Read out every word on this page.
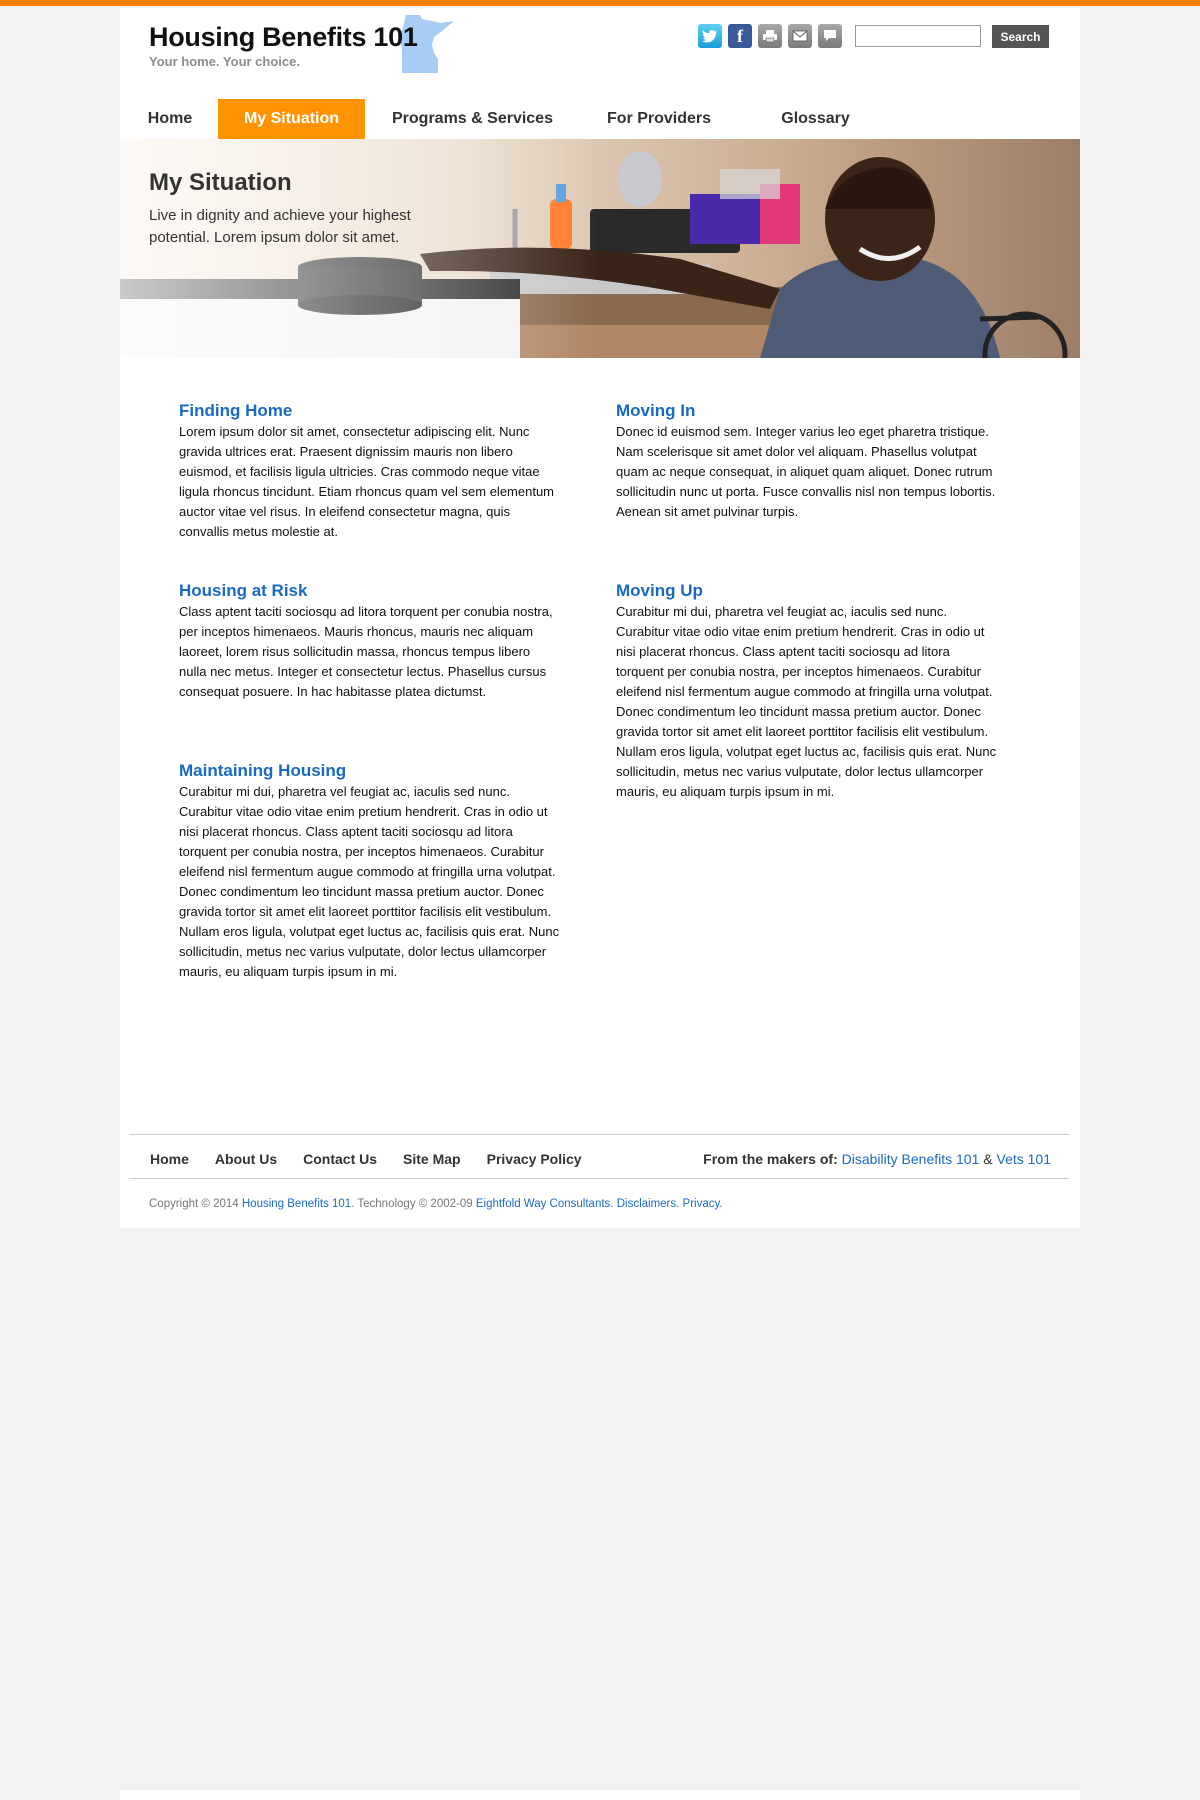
Housing Benefits 101
Your home. Your choice.
f	Search
Home	My Situation	Programs & Services	For Providers	Glossary
My Situation
Live in dignity and achieve your highest potential. Lorem ipsum dolor sit amet.
Finding Home

Lorem ipsum dolor sit amet, consectetur adipiscing elit. Nunc gravida ultrices erat. Praesent dignissim mauris non libero euismod, et facilisis ligula ultricies. Cras commodo neque vitae ligula rhoncus tincidunt. Etiam rhoncus quam vel sem elementum auctor vitae vel risus. In eleifend consectetur magna, quis convallis metus molestie at.

Moving In

Donec id euismod sem. Integer varius leo eget pharetra tristique. Nam scelerisque sit amet dolor vel aliquam. Phasellus volutpat quam ac neque consequat, in aliquet quam aliquet. Donec rutrum sollicitudin nunc ut porta. Fusce convallis nisl non tempus lobortis. Aenean sit amet pulvinar turpis.

Housing at Risk

Class aptent taciti sociosqu ad litora torquent per conubia nostra, per inceptos himenaeos. Mauris rhoncus, mauris nec aliquam laoreet, lorem risus sollicitudin massa, rhoncus tempus libero nulla nec metus. Integer et consectetur lectus. Phasellus cursus consequat posuere. In hac habitasse platea dictumst.

Moving Up

Curabitur mi dui, pharetra vel feugiat ac, iaculis sed nunc. Curabitur vitae odio vitae enim pretium hendrerit. Cras in odio ut nisi placerat rhoncus. Class aptent taciti sociosqu ad litora torquent per conubia nostra, per inceptos himenaeos. Curabitur eleifend nisl fermentum augue commodo at fringilla urna volutpat.

Donec condimentum leo tincidunt massa pretium auctor. Donec gravida tortor sit amet elit laoreet porttitor facilisis elit vestibulum. Nullam eros ligula, volutpat eget luctus ac, facilisis quis erat. Nunc sollicitudin, metus nec varius vulputate, dolor lectus ullamcorper mauris, eu aliquam turpis ipsum in mi.

Maintaining Housing

Curabitur mi dui, pharetra vel feugiat ac, iaculis sed nunc. Curabitur vitae odio vitae enim pretium hendrerit. Cras in odio ut nisi placerat rhoncus. Class aptent taciti sociosqu ad litora torquent per conubia nostra, per inceptos himenaeos. Curabitur eleifend nisl fermentum augue commodo at fringilla urna volutpat.

Donec condimentum leo tincidunt massa pretium auctor. Donec gravida tortor sit amet elit laoreet porttitor facilisis elit vestibulum. Nullam eros ligula, volutpat eget luctus ac, facilisis quis erat. Nunc sollicitudin, metus nec varius vulputate, dolor lectus ullamcorper mauris, eu aliquam turpis ipsum in mi.

Home About Us Contact Us Site Map Privacy Policy	From the makers of: Disability Benefits 101 & Vets 101
Copyright © 2014 Housing Benefits 101. Technology © 2002-09 Eightfold Way Consultants. Disclaimers. Privacy.
